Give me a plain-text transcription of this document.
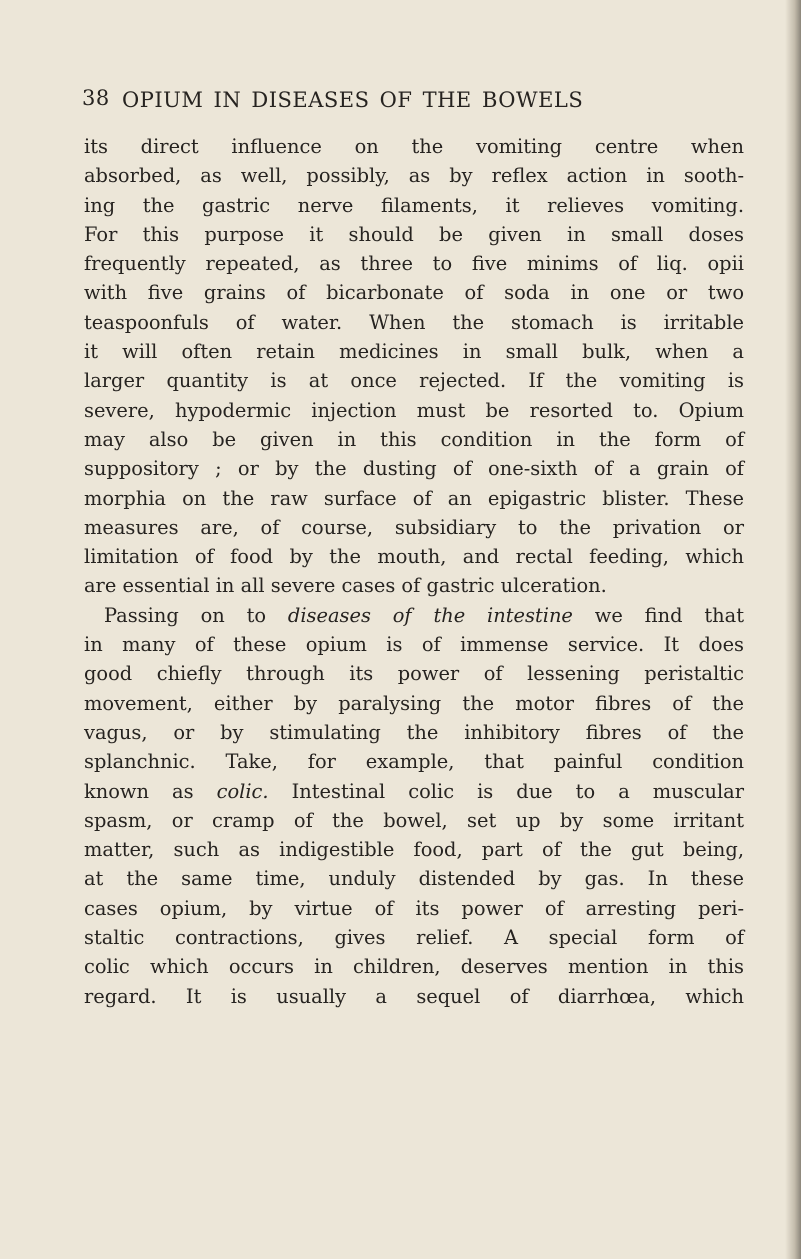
38 OPIUM IN DISEASES OF THE BOWELS
its direct influence on the vomiting centre when
absorbed, as well, possibly, as by reflex action in sooth-
ing the gastric nerve filaments, it relieves vomiting.
For this purpose it should be given in small doses
frequently repeated, as three to five minims of liq. opii
with five grains of bicarbonate of soda in one or two
teaspoonfuls of water. When the stomach is irritable
it will often retain medicines in small bulk, when a
larger quantity is at once rejected. If the vomiting is
severe, hypodermic injection must be resorted to. Opium
may also be given in this condition in the form of
suppository ; or by the dusting of one-sixth of a grain of
morphia on the raw surface of an epigastric blister. These
measures are, of course, subsidiary to the privation or
limitation of food by the mouth, and rectal feeding, which
are essential in all severe cases of gastric ulceration.
Passing on to diseases of the intestine we find that
in many of these opium is of immense service. It does
good chiefly through its power of lessening peristaltic
movement, either by paralysing the motor fibres of the
vagus, or by stimulating the inhibitory fibres of the
splanchnic. Take, for example, that painful condition
known as colic. Intestinal colic is due to a muscular
spasm, or cramp of the bowel, set up by some irritant
matter, such as indigestible food, part of the gut being,
at the same time, unduly distended by gas. In these
cases opium, by virtue of its power of arresting peri-
staltic contractions, gives relief. A special form of
colic which occurs in children, deserves mention in this
regard. It is usually a sequel of diarrhœa, which
